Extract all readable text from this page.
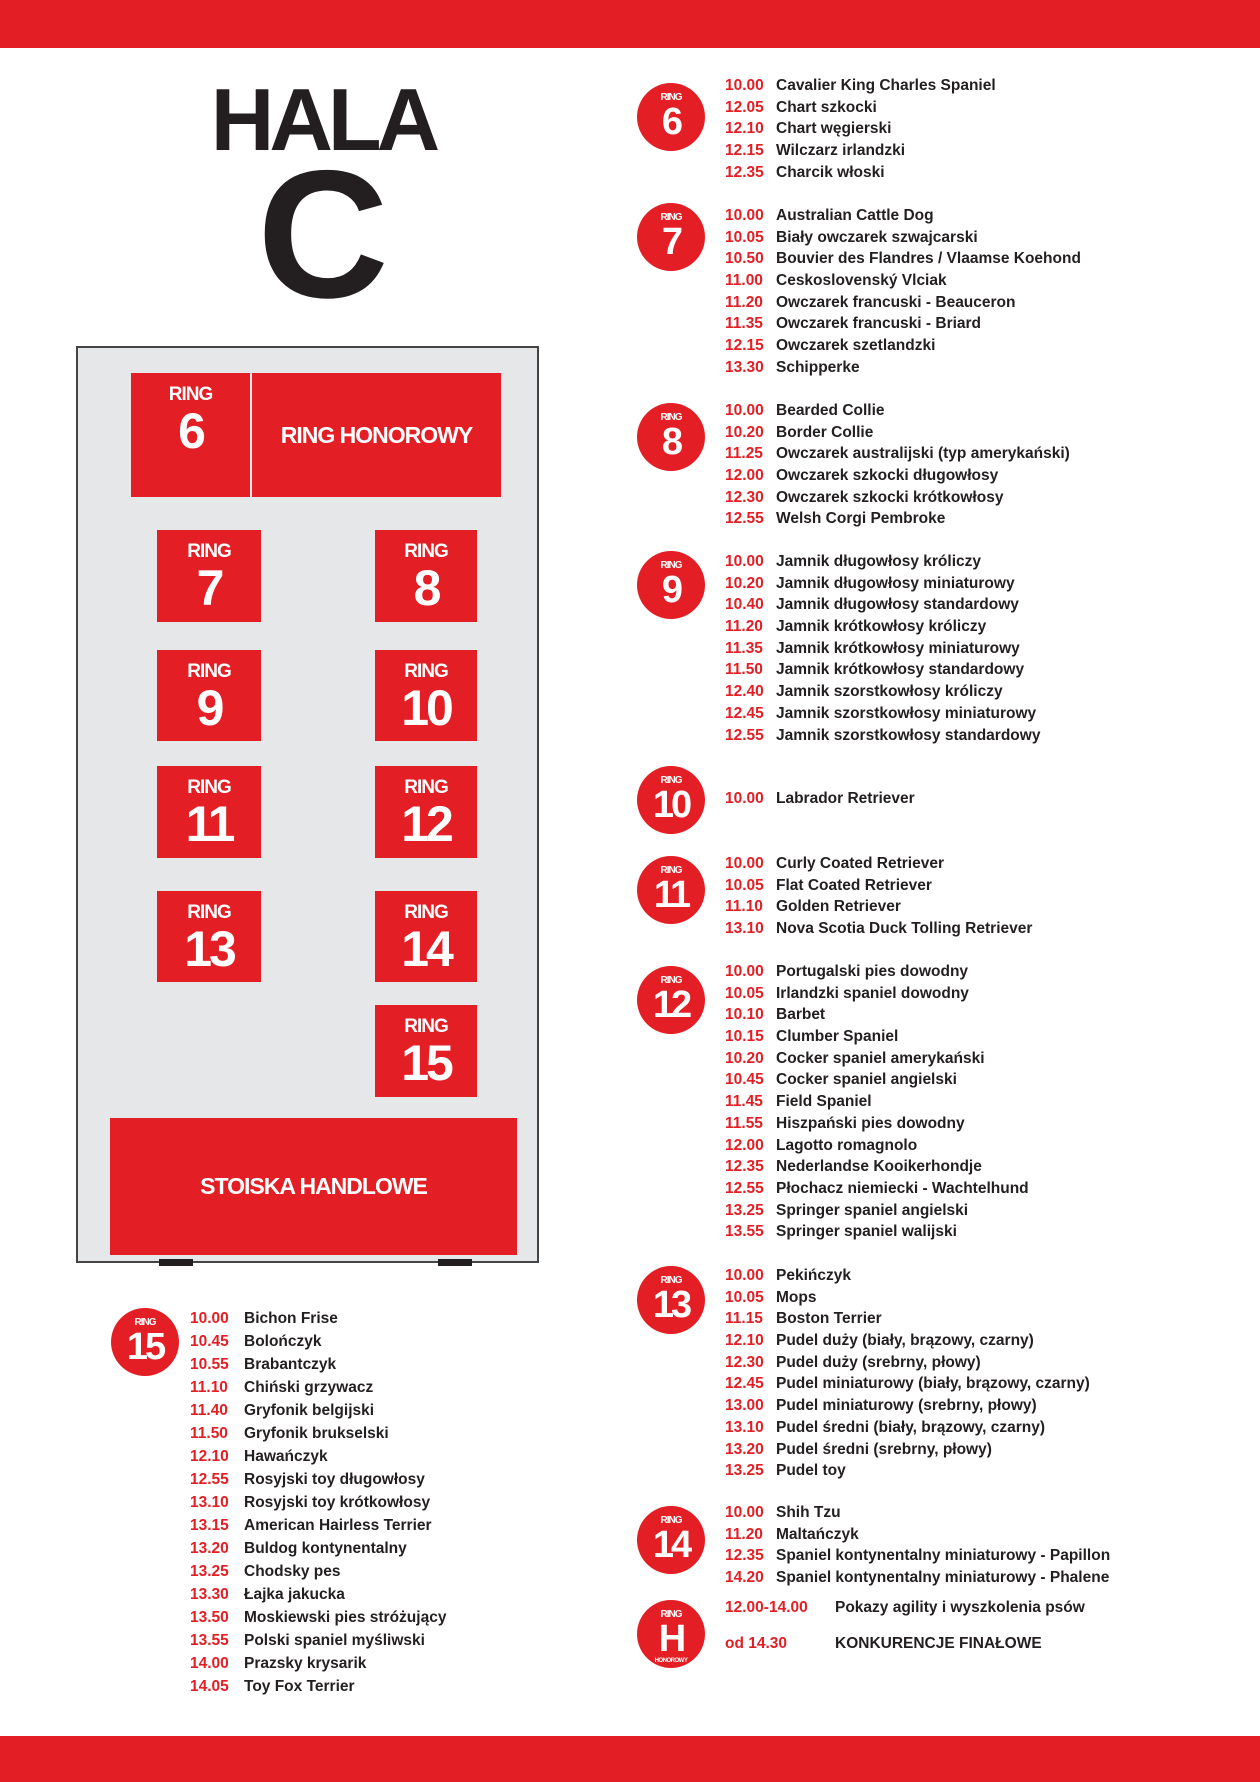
HALA
C
RING
6
RING
7
RING
8
RING
9
RING
10
RING
11
RING
12
RING
13
RING
14
RING
15
RING HONOROWY
STOISKA HANDLOWE
RING
6
10.00 Cavalier King Charles Spaniel
12.05 Chart szkocki
12.10 Chart węgierski
12.15 Wilczarz irlandzki
12.35 Charcik włoski
RING
7
10.00 Australian Cattle Dog
10.05 Biały owczarek szwajcarski
10.50 Bouvier des Flandres / Vlaamse Koehond
11.00 Ceskoslovenský Vlciak
11.20 Owczarek francuski - Beauceron
11.35 Owczarek francuski - Briard
12.15 Owczarek szetlandzki
13.30 Schipperke
RING
8
10.00 Bearded Collie
10.20 Border Collie
11.25 Owczarek australijski (typ amerykański)
12.00 Owczarek szkocki długowłosy
12.30 Owczarek szkocki krótkowłosy
12.55 Welsh Corgi Pembroke
RING
9
10.00 Jamnik długowłosy króliczy
10.20 Jamnik długowłosy miniaturowy
10.40 Jamnik długowłosy standardowy
11.20 Jamnik krótkowłosy króliczy
11.35 Jamnik krótkowłosy miniaturowy
11.50 Jamnik krótkowłosy standardowy
12.40 Jamnik szorstkowłosy króliczy
12.45 Jamnik szorstkowłosy miniaturowy
12.55 Jamnik szorstkowłosy standardowy
RING
10	10.00 Labrador Retriever
RING
11
10.00 Curly Coated Retriever
10.05 Flat Coated Retriever
11.10 Golden Retriever
13.10 Nova Scotia Duck Tolling Retriever
RING
12
10.00 Portugalski pies dowodny
10.05 Irlandzki spaniel dowodny
10.10 Barbet
10.15 Clumber Spaniel
10.20 Cocker spaniel amerykański
10.45 Cocker spaniel angielski
11.45 Field Spaniel
11.55 Hiszpański pies dowodny
12.00 Lagotto romagnolo
12.35 Nederlandse Kooikerhondje
12.55 Płochacz niemiecki - Wachtelhund
13.25 Springer spaniel angielski
13.55 Springer spaniel walijski
RING
13
10.00 Pekińczyk
10.05 Mops
11.15 Boston Terrier
12.10 Pudel duży (biały, brązowy, czarny)
12.30 Pudel duży (srebrny, płowy)
12.45 Pudel miniaturowy (biały, brązowy, czarny)
13.00 Pudel miniaturowy (srebrny, płowy)
13.10 Pudel średni (biały, brązowy, czarny)
13.20 Pudel średni (srebrny, płowy)
13.25 Pudel toy
RING
14
10.00 Shih Tzu
11.20 Maltańczyk
12.35 Spaniel kontynentalny miniaturowy - Papillon
14.20 Spaniel kontynentalny miniaturowy - Phalene
RING
H
HONOROWY
12.00-14.00	Pokazy agility i wyszkolenia psów
od 14.30	KONKURENCJE FINAŁOWE
RING
15
10.00 Bichon Frise
10.45 Bolończyk
10.55 Brabantczyk
11.10	Chiński grzywacz
11.40	Gryfonik belgijski
11.50	Gryfonik brukselski
12.10 Hawańczyk
12.55 Rosyjski toy długowłosy
13.10 Rosyjski toy krótkowłosy
13.15 American Hairless Terrier
13.20 Buldog kontynentalny
13.25 Chodsky pes
13.30 Łajka jakucka
13.50 Moskiewski pies stróżujący
13.55 Polski spaniel myśliwski
14.00 Prazsky krysarik
14.05 Toy Fox Terrier
